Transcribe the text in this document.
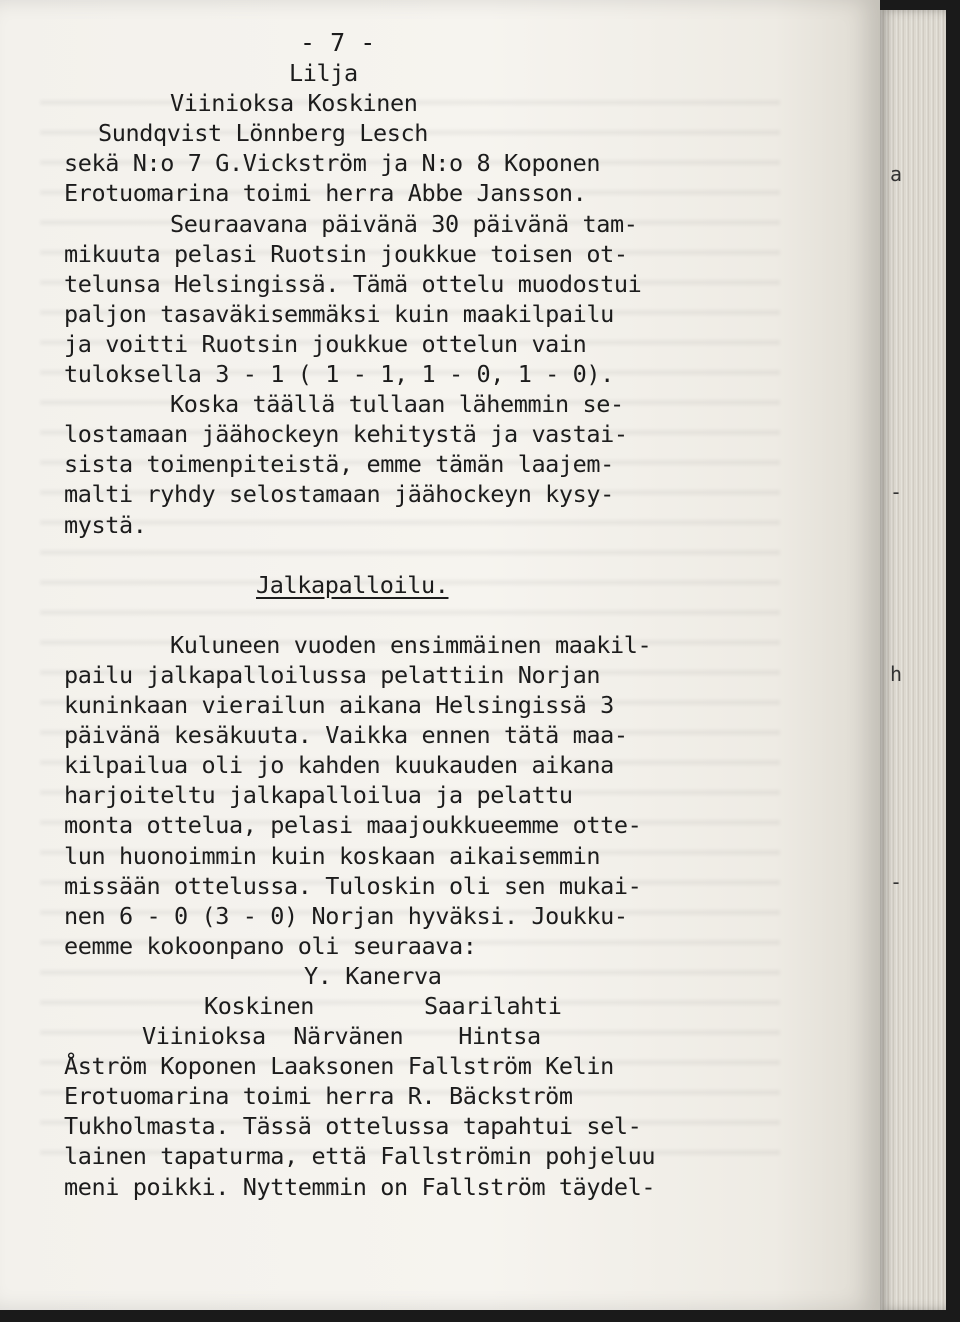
- 7 -
Lilja
Viinioksa Koskinen
Sundqvist Lönnberg Lesch
sekä N:o 7 G.Vickström ja N:o 8 Koponen
Erotuomarina toimi herra Abbe Jansson.
Seuraavana päivänä 30 päivänä tam-
mikuuta pelasi Ruotsin joukkue toisen ot-
telunsa Helsingissä. Tämä ottelu muodostui
paljon tasaväkisemmäksi kuin maakilpailu
ja voitti Ruotsin joukkue ottelun vain
tuloksella 3 - 1 ( 1 - 1, 1 - 0, 1 - 0).
Koska täällä tullaan lähemmin se-
lostamaan jäähockeyn kehitystä ja vastai-
sista toimenpiteistä, emme tämän laajem-
malti ryhdy selostamaan jäähockeyn kysy-
mystä.
Jalkapalloilu.
Kuluneen vuoden ensimmäinen maakil-
pailu jalkapalloilussa pelattiin Norjan
kuninkaan vierailun aikana Helsingissä 3
päivänä kesäkuuta. Vaikka ennen tätä maa-
kilpailua oli jo kahden kuukauden aikana
harjoiteltu jalkapalloilua ja pelattu
monta ottelua, pelasi maajoukkueemme otte-
lun huonoimmin kuin koskaan aikaisemmin
missään ottelussa. Tuloskin oli sen mukai-
nen 6 - 0 (3 - 0) Norjan hyväksi. Joukku-
eemme kokoonpano oli seuraava:
Y. Kanerva
Koskinen        Saarilahti
Viinioksa  Närvänen    Hintsa
Åström Koponen Laaksonen Fallström Kelin
Erotuomarina toimi herra R. Bäckström
Tukholmasta. Tässä ottelussa tapahtui sel-
lainen tapaturma, että Fallströmin pohjeluu
meni poikki. Nyttemmin on Fallström täydel-
a
-
h
-
